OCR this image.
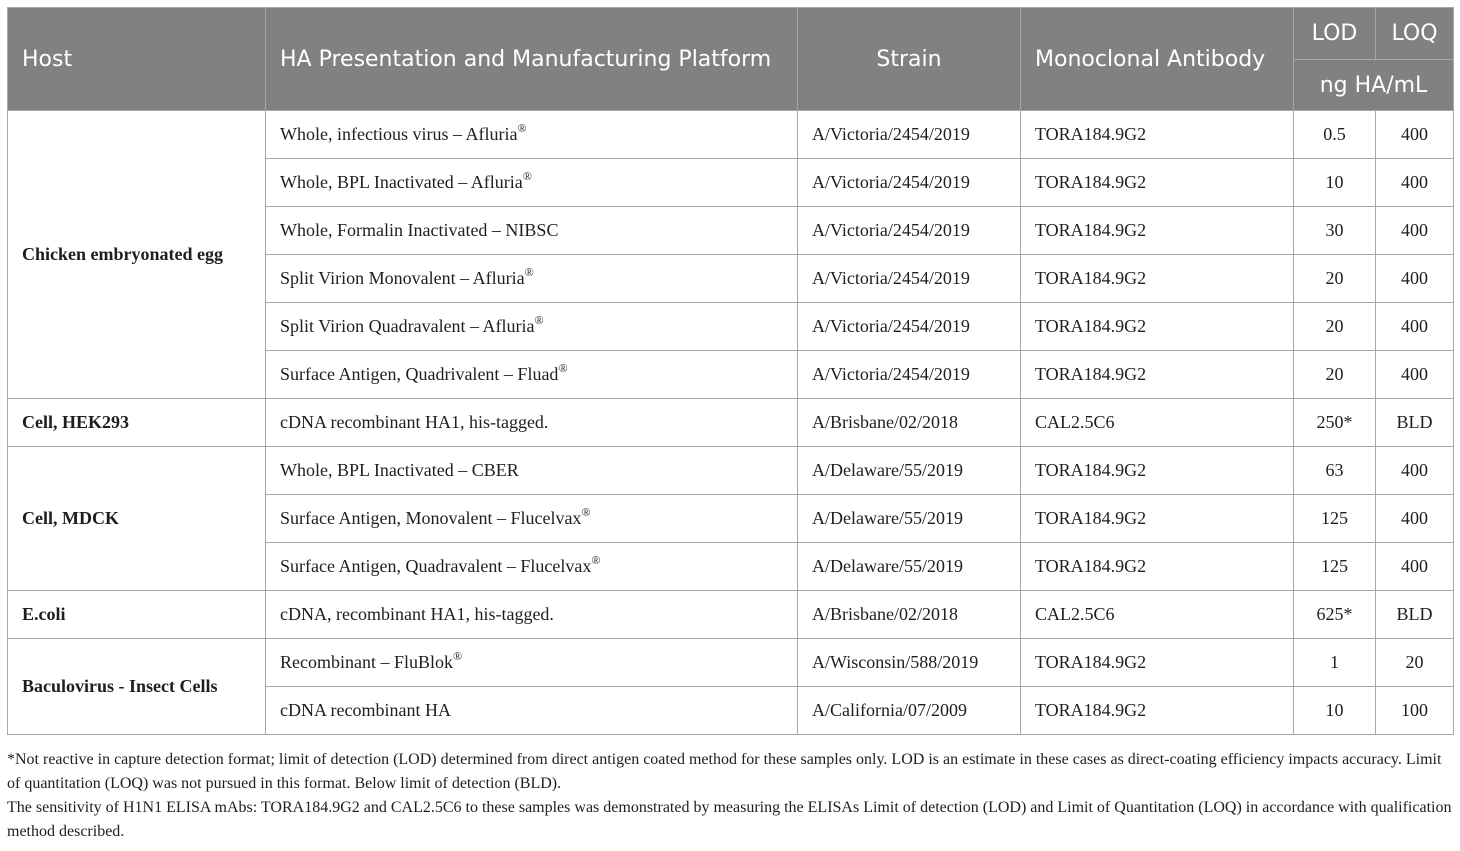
Host	HA Presentation and Manufacturing Platform	Strain	Monoclonal Antibody	LOD	LOQ
				ng HA/mL	
Chicken embryonated egg	Whole, infectious virus – Afluria®	A/Victoria/2454/2019	TORA184.9G2	0.5	400
	Whole, BPL Inactivated – Afluria®	A/Victoria/2454/2019	TORA184.9G2	10	400
	Whole, Formalin Inactivated – NIBSC	A/Victoria/2454/2019	TORA184.9G2	30	400
	Split Virion Monovalent – Afluria®	A/Victoria/2454/2019	TORA184.9G2	20	400
	Split Virion Quadravalent – Afluria®	A/Victoria/2454/2019	TORA184.9G2	20	400
	Surface Antigen, Quadrivalent – Fluad®	A/Victoria/2454/2019	TORA184.9G2	20	400
Cell, HEK293	cDNA recombinant HA1, his-tagged.	A/Brisbane/02/2018	CAL2.5C6	250*	BLD
Cell, MDCK	Whole, BPL Inactivated – CBER	A/Delaware/55/2019	TORA184.9G2	63	400
	Surface Antigen, Monovalent – Flucelvax®	A/Delaware/55/2019	TORA184.9G2	125	400
	Surface Antigen, Quadravalent – Flucelvax®	A/Delaware/55/2019	TORA184.9G2	125	400
E.coli	cDNA, recombinant HA1, his-tagged.	A/Brisbane/02/2018	CAL2.5C6	625*	BLD
Baculovirus - Insect Cells	Recombinant – FluBlok®	A/Wisconsin/588/2019	TORA184.9G2	1	20
	cDNA recombinant HA	A/California/07/2009	TORA184.9G2	10	100

*Not reactive in capture detection format; limit of detection (LOD) determined from direct antigen coated method for these samples only. LOD is an estimate in these cases as direct-coating efficiency impacts accuracy. Limit of quantitation (LOQ) was not pursued in this format. Below limit of detection (BLD).

The sensitivity of H1N1 ELISA mAbs: TORA184.9G2 and CAL2.5C6 to these samples was demonstrated by measuring the ELISAs Limit of detection (LOD) and Limit of Quantitation (LOQ) in accordance with qualification method described.
